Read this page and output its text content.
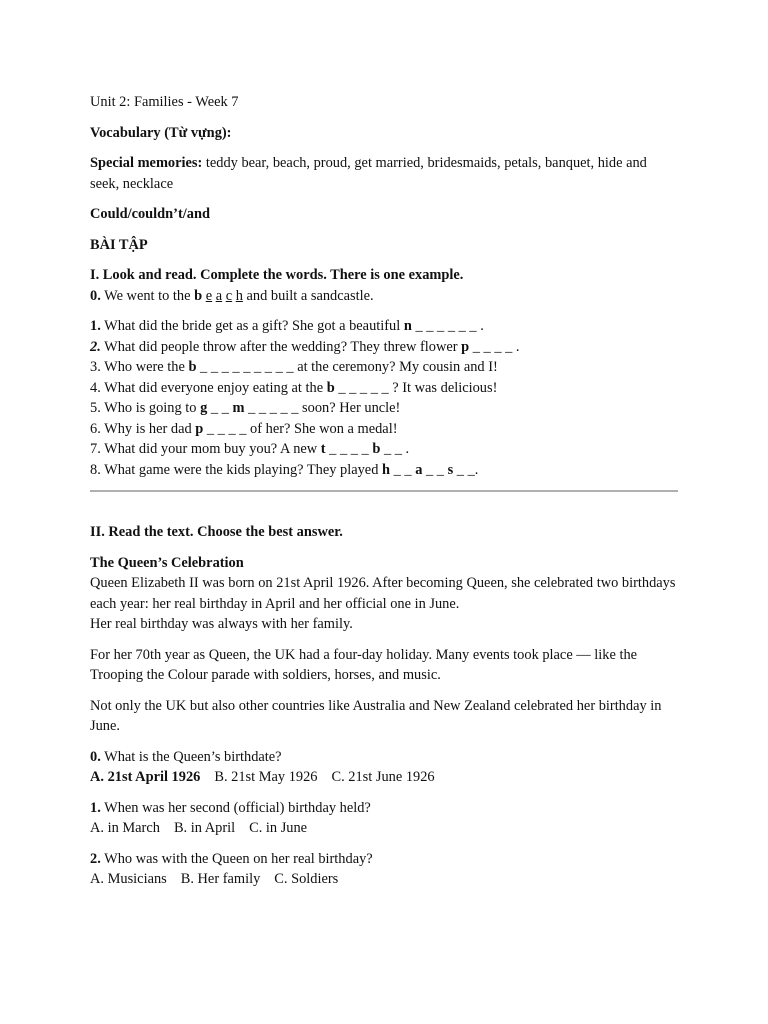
Unit 2: Families - Week 7

Vocabulary (Từ vựng):

Special memories: teddy bear, beach, proud, get married, bridesmaids, petals, banquet, hide and seek, necklace

Could/couldn’t/and

BÀI TẬP

I. Look and read. Complete the words. There is one example.

0. We went to the b e a c h and built a sandcastle.

1. What did the bride get as a gift? She got a beautiful n _ _ _ _ _ _ .

2. What did people throw after the wedding? They threw flower p _ _ _ _ .

3. Who were the b _ _ _ _ _ _ _ _ _ at the ceremony? My cousin and I!

4. What did everyone enjoy eating at the b _ _ _ _ _ ? It was delicious!

5. Who is going to g _ _ m _ _ _ _ _ soon? Her uncle!

6. Why is her dad p _ _ _ _ of her? She won a medal!

7. What did your mom buy you? A new t _ _ _ _ b _ _ .

8. What game were the kids playing? They played h _ _ a _ _ s _ _.

II. Read the text. Choose the best answer.

The Queen’s Celebration

Queen Elizabeth II was born on 21st April 1926. After becoming Queen, she celebrated two birthdays each year: her real birthday in April and her official one in June.

Her real birthday was always with her family.

For her 70th year as Queen, the UK had a four-day holiday. Many events took place — like the Trooping the Colour parade with soldiers, horses, and music.

Not only the UK but also other countries like Australia and New Zealand celebrated her birthday in June.

0. What is the Queen’s birthdate?

A. 21st April 1926 B. 21st May 1926 C. 21st June 1926

1. When was her second (official) birthday held?

A. in March B. in April C. in June

2. Who was with the Queen on her real birthday?

A. Musicians B. Her family C. Soldiers
